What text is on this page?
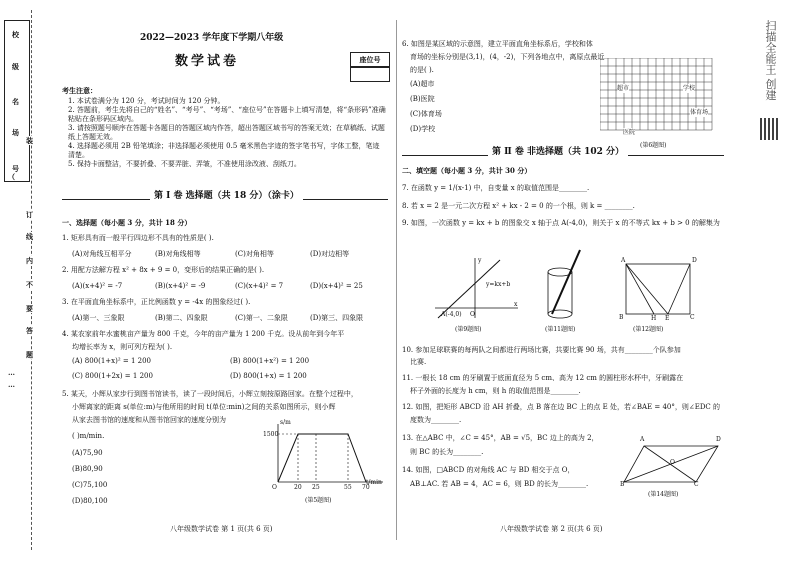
校
级
名
场
号
（
装
订
线
内
不
要
答
题
…
…
2022—2023 学年度下学期八年级
数学试卷	座位号
考生注意：
1. 本试卷满分为 120 分，考试时间为 120 分钟。
2. 答题前，考生先将自己的“姓名”、“考号”、“考场”、“座位号”在答题卡上填写清楚，将“条形码”准确粘贴在条形码区域内。
3. 请按照题号顺序在答题卡各题目的答题区域内作答，超出答题区域书写的答案无效；在草稿纸、试题纸上答题无效。
4. 选择题必须用 2B 铅笔填涂；非选择题必须使用 0.5 毫米黑色字迹的签字笔书写，字体工整，笔迹清楚。
5. 保持卡面整洁，不要折叠、不要弄脏、弄皱，不准使用涂改液、刮纸刀。
第 Ⅰ 卷 选择题（共 18 分）（涂卡）
一、选择题（每小题 3 分，共计 18 分）
1. 矩形具有而一般平行四边形不具有的性质是( ).
(A)对角线互相平分	(B)对角线相等	(C)对角相等	(D)对边相等
2. 用配方法解方程 x² + 8x + 9 = 0，变形后的结果正确的是( ).
(A)(x+4)² = -7	(B)(x+4)² = -9	(C)(x+4)² = 7	(D)(x+4)² = 25
3. 在平面直角坐标系中，正比例函数 y = -4x 的图象经过( ).
(A)第一、三象限	(B)第二、四象限	(C)第一、二象限	(D)第三、四象限
4. 某农家前年水蜜桃亩产量为 800 千克，今年的亩产量为 1 200 千克。设从前年到今年平
均增长率为 x，则可列方程为( ).
(A) 800(1+x)² = 1 200	(B) 800(1+x²) = 1 200
(C) 800(1+2x) = 1 200	(D) 800(1+x) = 1 200
5. 某天，小辉从家步行到图书馆读书，读了一段时间后，小辉立刻按原路回家。在整个过程中，
小辉离家的距离 s(单位:m)与他所用的时间 t(单位:min)之间的关系如图所示，则小辉
从家去图书馆的速度和从图书馆回家的速度分别为
( )m/min.
(A)75,90
(B)80,90
(C)75,100
(D)80,100
s/m
1500
t/min
O	20 25	55 70
(第5题图)
八年级数学试卷 第 1 页(共 6 页)
6. 如图是某区域的示意图，建立平面直角坐标系后，学校和体
育场的坐标分别是(3,1)，(4，-2)，下列各地点中，离原点最近
的是( ).
(A)超市
(B)医院
(C)体育场
(D)学校
超市	学校
体育场
医院
(第6题图)
第 Ⅱ 卷 非选择题（共 102 分）
二、填空题（每小题 3 分，共计 30 分）
7. 在函数 y = 1/(x-1) 中，自变量 x 的取值范围是________.
8. 若 x = 2 是一元二次方程 x² + kx - 2 = 0 的一个根，则 k = ________.
9. 如图，一次函数 y = kx + b 的图象交 x 轴于点 A(-4,0)，则关于 x 的不等式 kx + b > 0 的解集为
y=kx+b
A(-4,0) O
x
y
(第9题图)	(第11题图)
A	D
B	H E	C
(第12题图)
10. 参加足球联赛的每两队之间都进行两场比赛，共要比赛 90 场，共有________个队参加
比赛.
11. 一根长 18 cm 的牙刷置于底面直径为 5 cm、高为 12 cm 的圆柱形水杯中，牙刷露在
杯子外面的长度为 h cm，则 h 的取值范围是________.
12. 如图，把矩形 ABCD 沿 AH 折叠，点 B 落在边 BC 上的点 E 处，若∠BAE = 40°，则∠EDC 的
度数为________.
13. 在△ABC 中，∠C = 45°，AB = √5，BC 边上的高为 2，
则 BC 的长为________.
14. 如图，□ABCD 的对角线 AC 与 BD 相交于点 O，
AB⊥AC. 若 AB = 4，AC = 6，则 BD 的长为________.
A	D
O
B	C
(第14题图)
八年级数学试卷 第 2 页(共 6 页)
扫描全能王 创建
